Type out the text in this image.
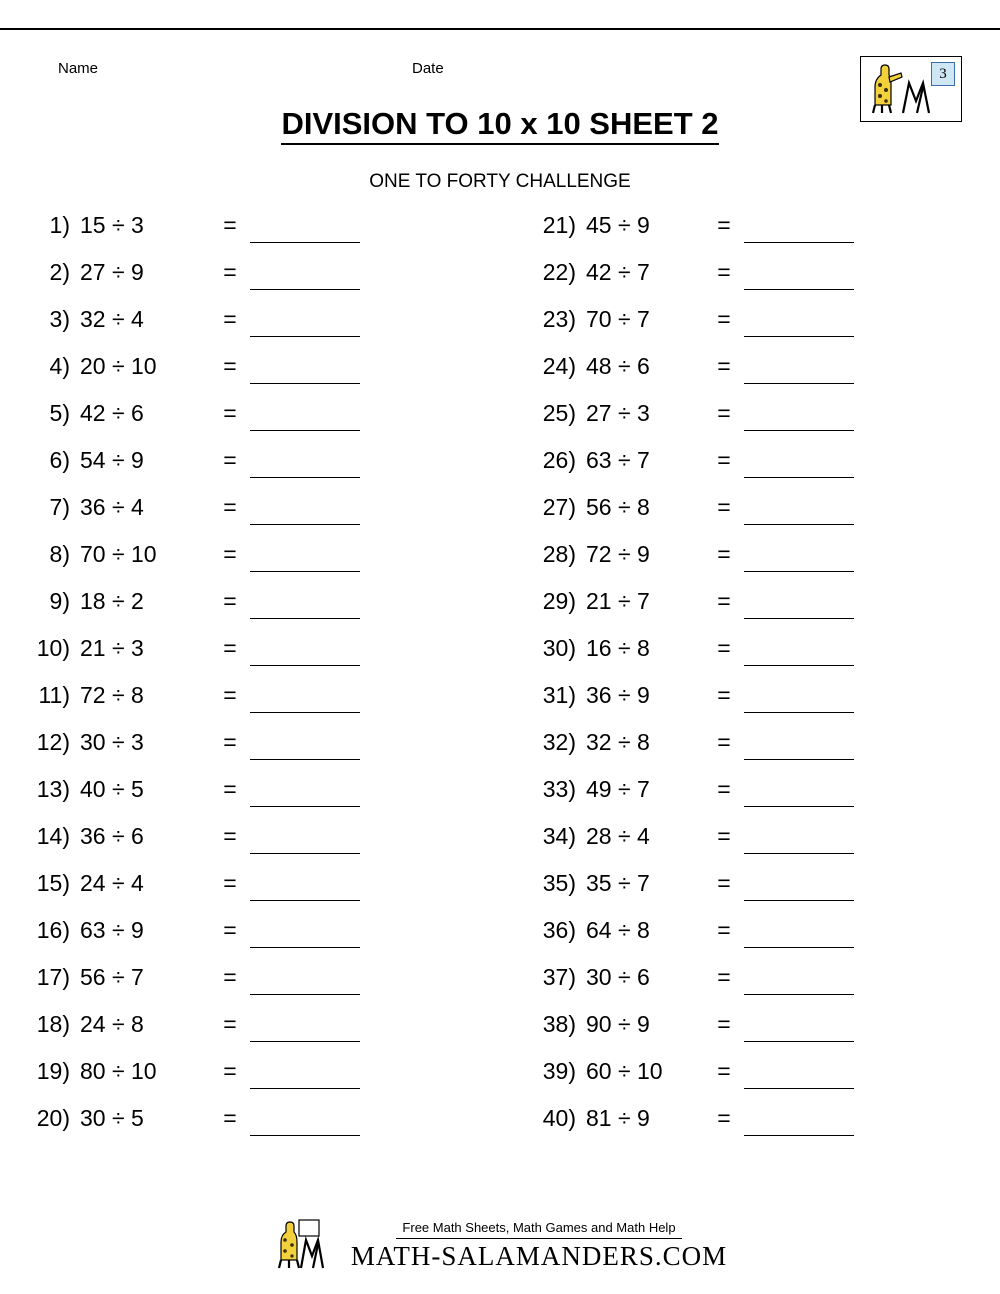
Name	Date	3
DIVISION TO 10 x 10 SHEET 2
ONE TO FORTY CHALLENGE
1) 15 ÷ 3	=
2) 27 ÷ 9	=
3) 32 ÷ 4	=
4) 20 ÷ 10	=
5) 42 ÷ 6	=
6) 54 ÷ 9	=
7) 36 ÷ 4	=
8) 70 ÷ 10	=
9) 18 ÷ 2	=
10) 21 ÷ 3	=
11) 72 ÷ 8	=
12) 30 ÷ 3	=
13) 40 ÷ 5	=
14) 36 ÷ 6	=
15) 24 ÷ 4	=
16) 63 ÷ 9	=
17) 56 ÷ 7	=
18) 24 ÷ 8	=
19) 80 ÷ 10	=
20) 30 ÷ 5	=
21) 45 ÷ 9	=
22) 42 ÷ 7	=
23) 70 ÷ 7	=
24) 48 ÷ 6	=
25) 27 ÷ 3	=
26) 63 ÷ 7	=
27) 56 ÷ 8	=
28) 72 ÷ 9	=
29) 21 ÷ 7	=
30) 16 ÷ 8	=
31) 36 ÷ 9	=
32) 32 ÷ 8	=
33) 49 ÷ 7	=
34) 28 ÷ 4	=
35) 35 ÷ 7	=
36) 64 ÷ 8	=
37) 30 ÷ 6	=
38) 90 ÷ 9	=
39) 60 ÷ 10	=
40) 81 ÷ 9	=
Free Math Sheets, Math Games and Math Help
MATH-SALAMANDERS.COM
